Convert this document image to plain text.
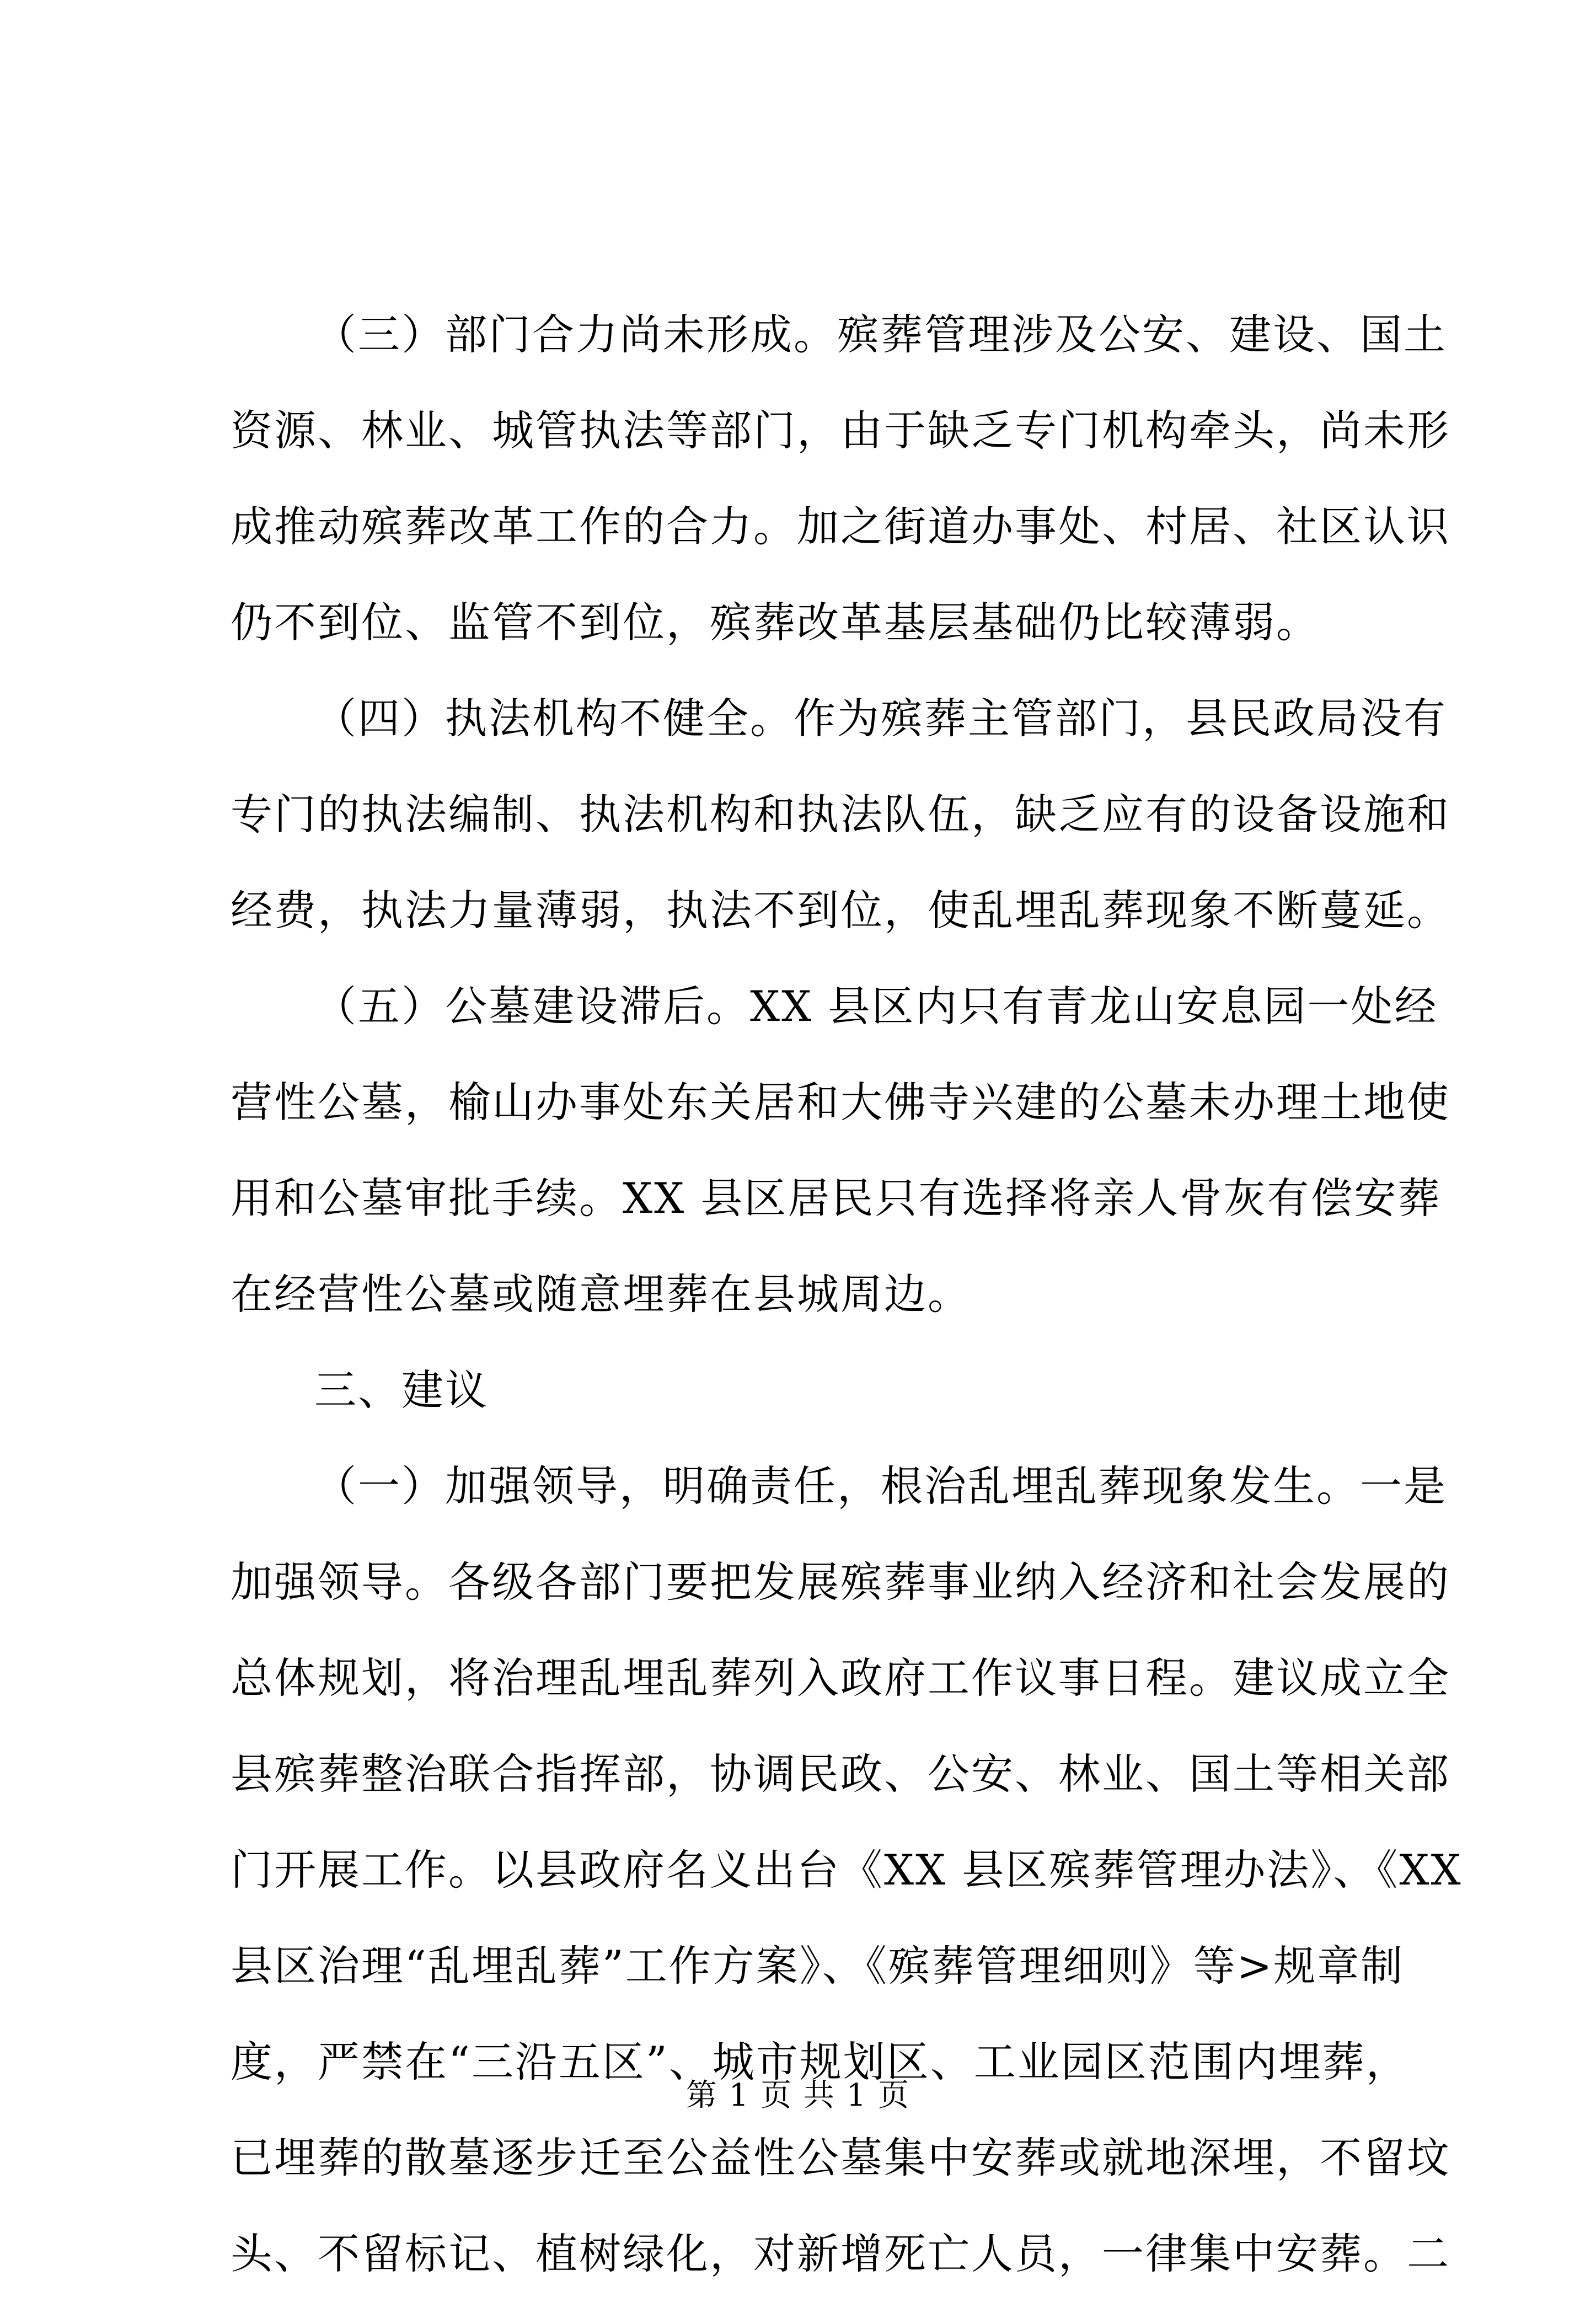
（三）部门合力尚未形成。殡葬管理涉及公安、建设、国土
资源、林业、城管执法等部门，由于缺乏专门机构牵头，尚未形
成推动殡葬改革工作的合力。加之街道办事处、村居、社区认识
仍不到位、监管不到位，殡葬改革基层基础仍比较薄弱。
（四）执法机构不健全。作为殡葬主管部门，县民政局没有
专门的执法编制、执法机构和执法队伍，缺乏应有的设备设施和
经费，执法力量薄弱，执法不到位，使乱埋乱葬现象不断蔓延。
（五）公墓建设滞后。XX 县区内只有青龙山安息园一处经
营性公墓，榆山办事处东关居和大佛寺兴建的公墓未办理土地使
用和公墓审批手续。XX 县区居民只有选择将亲人骨灰有偿安葬
在经营性公墓或随意埋葬在县城周边。
三、建议
（一）加强领导，明确责任，根治乱埋乱葬现象发生。一是
加强领导。各级各部门要把发展殡葬事业纳入经济和社会发展的
总体规划，将治理乱埋乱葬列入政府工作议事日程。建议成立全
县殡葬整治联合指挥部，协调民政、公安、林业、国土等相关部
门开展工作。以县政府名义出台《XX 县区殡葬管理办法》、《XX
县区治理“乱埋乱葬”工作方案》、《殡葬管理细则》等>规章制
度，严禁在“三沿五区”、城市规划区、工业园区范围内埋葬，
已埋葬的散墓逐步迁至公益性公墓集中安葬或就地深埋，不留坟
头、不留标记、植树绿化，对新增死亡人员，一律集中安葬。二
第 1 页 共 1 页
